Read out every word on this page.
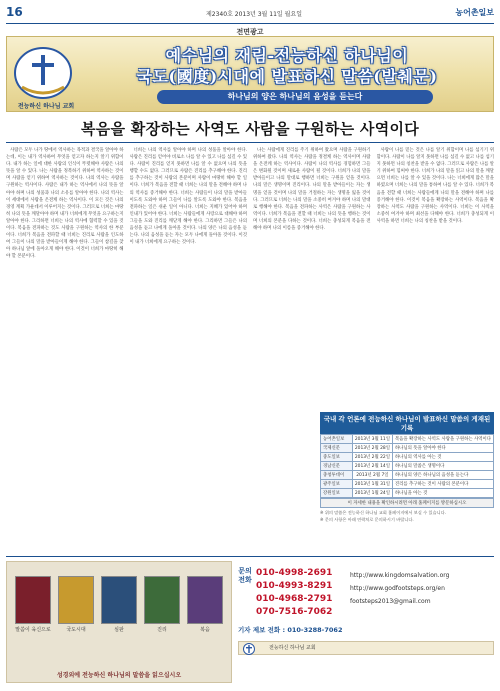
16	제2340호 2013년 3월 11일 월요일	농어촌일보
전면광고
전능하신 하나님 교회
예수님의 재림-전능하신 하나님이
국도(國度)시대에 발표하신 말씀(발췌문)
하나님의 양은 하나님의 음성을 듣는다
복음을 확장하는 사역도 사람을 구원하는 사역이다

사람은 모두 나가 땅에서 역사하는 목적과 결국을 알아야 하는데, 이는 내가 역사하여 무엇을 얻고자 하는지 알기 위함이다. 내가 하는 일에 대한 사람의 인식이 뚜렷해야 사람은 나의 뜻을 알 수 있다. 나는 사람을 정복하기 위하여 역사하는 것이며 사람을 얻기 위하여 역사하는 것이다. 나의 역사는 사람을 구원하는 역사이다. 사람은 내가 하는 역사에서 나의 뜻을 알아야 하며 나의 성품과 나의 소유를 알아야 한다. 나의 역사는 이 세대에서 사람을 온전케 하는 역사이다. 이 모든 것은 나의 경영 계획 가운데서 이루어지는 것이다. 그러므로 너희는 마땅히 나의 뜻을 깨달아야 하며 내가 너희에게 무엇을 요구하는지 알아야 한다. 그리하면 너희는 나의 역사에 협력할 수 있을 것이다. 복음을 전파하는 것도 사람을 구원하는 역사의 한 부분이다. 너희가 복음을 전파할 때 너희는 진리로 사람을 인도하여 그들이 나의 말을 받아들이게 해야 한다. 그들이 참길을 찾아 하나님 앞에 돌아오게 해야 한다. 이것이 너희가 마땅히 해야 할 본분이다.

너희는 나의 역사를 알아야 하며 나의 성품을 알아야 한다. 사람은 진리를 얻어야 비로소 나를 알 수 있고 나를 섬길 수 있다. 사람이 진리를 얻지 못하면 나를 알 수 없으며 나의 뜻을 행할 수도 없다. 그러므로 사람은 진리를 추구해야 한다. 진리를 추구하는 것이 사람의 본분이며 사람이 마땅히 해야 할 일이다. 너희가 복음을 전할 때 너희는 나의 말을 전해야 하며 나의 역사를 증거해야 한다. 너희는 사람들이 나의 말을 받아들이도록 도와야 하며 그들이 나를 알도록 도와야 한다. 복음을 전파하는 일은 쉬운 일이 아니다. 너희는 지혜가 있어야 하며 인내가 있어야 한다. 너희는 사람들에게 사랑으로 대해야 하며 그들을 도와 진리를 깨닫게 해야 한다. 그리하면 그들은 나의 음성을 듣고 나에게 돌아올 것이다. 나의 양은 나의 음성을 듣는다. 나의 음성을 듣는 자는 모두 나에게 돌아올 것이다. 이것이 내가 너희에게 요구하는 것이다.

나는 사람에게 진리를 주기 위하여 왔으며 사람을 구원하기 위하여 왔다. 나의 역사는 사람을 정결케 하는 역사이며 사람을 온전케 하는 역사이다. 사람이 나의 역사를 경험하면 그들은 변화될 것이며 새로운 사람이 될 것이다. 너희가 나의 말을 받아들이고 나의 말대로 행하면 너희는 구원을 얻을 것이다. 나의 말은 생명이며 진리이다. 나의 말을 받아들이는 자는 생명을 얻을 것이며 나의 말을 거절하는 자는 생명을 잃을 것이다. 그러므로 너희는 나의 말을 소중히 여겨야 하며 나의 말대로 행해야 한다. 복음을 전파하는 사역은 사람을 구원하는 사역이다. 너희가 복음을 전할 때 너희는 나의 뜻을 행하는 것이며 너희의 본분을 다하는 것이다. 너희는 충성되게 복음을 전해야 하며 나의 이름을 증거해야 한다.

사람이 나를 믿는 것은 나를 알기 위함이며 나를 섬기기 위함이다. 사람이 나를 알지 못하면 나를 섬길 수 없고 나를 섬기지 못하면 나의 칭찬을 받을 수 없다. 그러므로 사람은 나를 알기 위하여 힘써야 한다. 너희가 나의 말을 읽고 나의 말을 깨달으면 너희는 나를 알 수 있을 것이다. 나는 너희에게 많은 말을 하였으며 너희는 나의 말을 통하여 나를 알 수 있다. 너희가 복음을 전할 때 너희는 사람들에게 나의 말을 전해야 하며 나를 증거해야 한다. 이것이 복음을 확장하는 사역이다. 복음을 확장하는 사역도 사람을 구원하는 사역이다. 너희는 이 사역을 소중히 여겨야 하며 최선을 다해야 한다. 너희가 충성되게 이 사역을 하면 너희는 나의 칭찬을 받을 것이다.

국내 각 언론에 전능하신 하나님이 발표하신 말씀의 게재된 기록
농어촌일보	2013년 3월 11일	복음을 확장하는 사역도 사람을 구원하는 사역이다
국제신문	2013년 2월 28일	하나님의 뜻을 알아야 한다
중도일보	2013년 2월 22일	하나님의 역사를 아는 것
경남신문	2013년 2월 14일	하나님의 말씀은 생명이다
충청투데이	2013년 2월 7일	하나님의 양은 하나님의 음성을 듣는다
광주일보	2013년 1월 31일	진리를 추구하는 것이 사람의 본분이다
강원일보	2013년 1월 24일	하나님을 아는 것
이 자세한 내용을 확인하시려면 아래 홈페이지를 방문하십시오
※ 위의 말씀은 전능하신 하나님 교회 홈페이지에서 보실 수 있습니다.
※ 문의 사항은 아래 연락처로 문의하시기 바랍니다.
말씀이 육신으로	국도시대	심판	진리	복음
성경외에 전능하신 하나님의 말씀을 읽으십시오
문의전화
010-4998-2691
010-4993-8291
010-4968-2791
070-7516-7062
http://www.kingdomsalvation.org
http://www.godfootsteps.org/en
footsteps2013@gmail.com
기자 제보 전화 : 010-3288-7062
전능하신 하나님 교회
